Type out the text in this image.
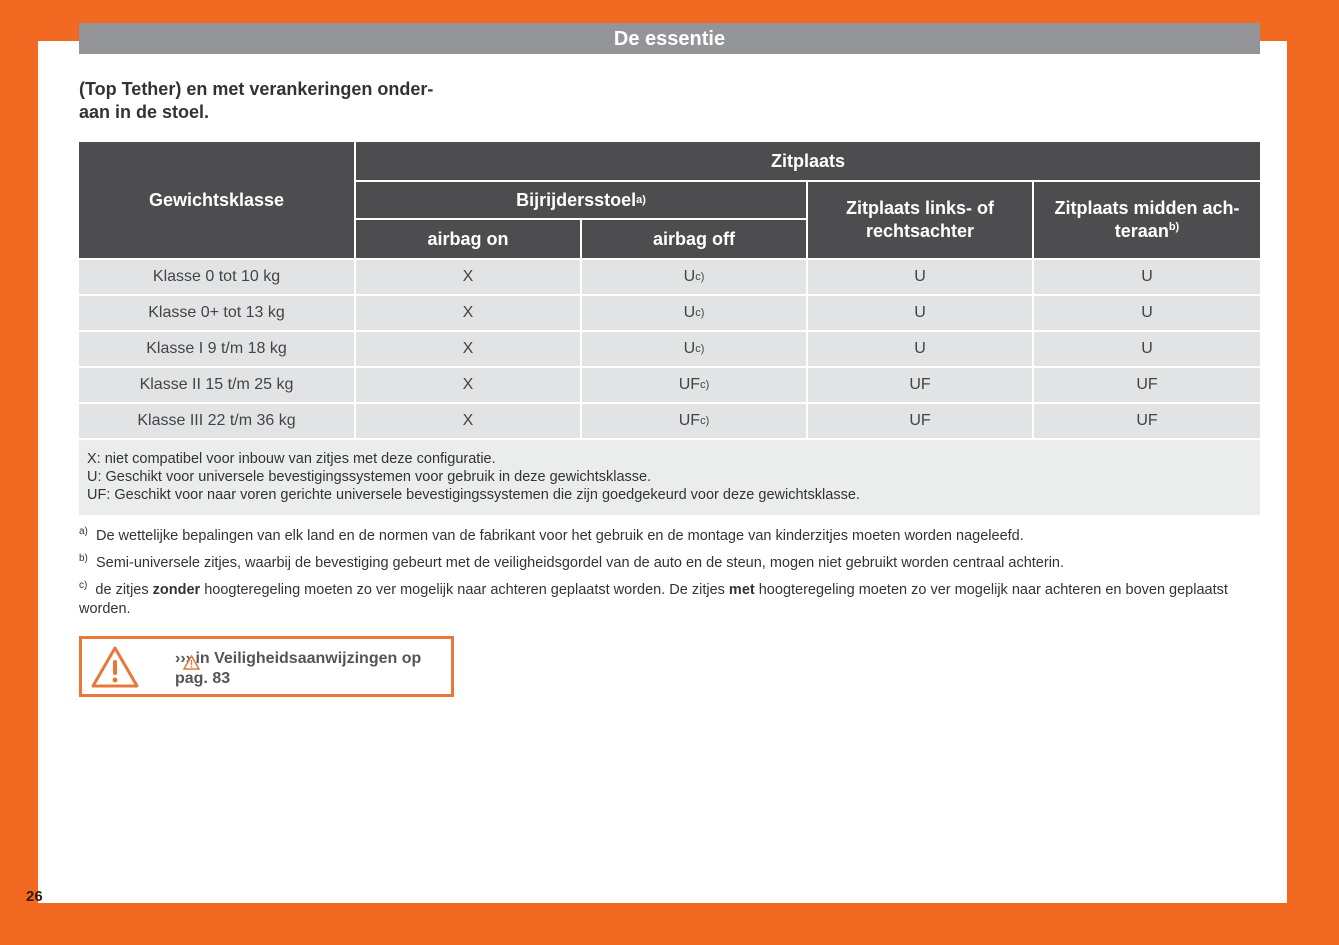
De essentie
(Top Tether) en met verankeringen onder-
aan in de stoel.
Gewichtsklasse
Zitplaats
Bijrijdersstoel a)
airbag on	airbag off
Zitplaats links- of rechtsachter
Zitplaats midden ach-teraan$^{b)}$
Klasse 0 tot 10 kg	X	U c)	U	U
Klasse 0+ tot 13 kg	X	U c)	U	U
Klasse I 9 t/m 18 kg	X	U c)	U	U
Klasse II 15 t/m 25 kg	X	UF c)	UF	UF
Klasse III 22 t/m 36 kg	X	UF c)	UF	UF
X: niet compatibel voor inbouw van zitjes met deze configuratie.
U: Geschikt voor universele bevestigingssystemen voor gebruik in deze gewichtsklasse.
UF: Geschikt voor naar voren gerichte universele bevestigingssystemen die zijn goedgekeurd voor deze gewichtsklasse.
$^{a)}$ De wettelijke bepalingen van elk land en de normen van de fabrikant voor het gebruik en de montage van kinderzitjes moeten worden nageleefd.
$^{b)}$ Semi-universele zitjes, waarbij de bevestiging gebeurt met de veiligheidsgordel van de auto en de steun, mogen niet gebruikt worden centraal achterin.
$^{c)}$ de zitjes zonder hoogteregeling moeten zo ver mogelijk naar achteren geplaatst worden. De zitjes met hoogteregeling moeten zo ver mogelijk naar achteren en boven geplaatst worden.
››› in Veiligheidsaanwijzingen op pag. 83
26
